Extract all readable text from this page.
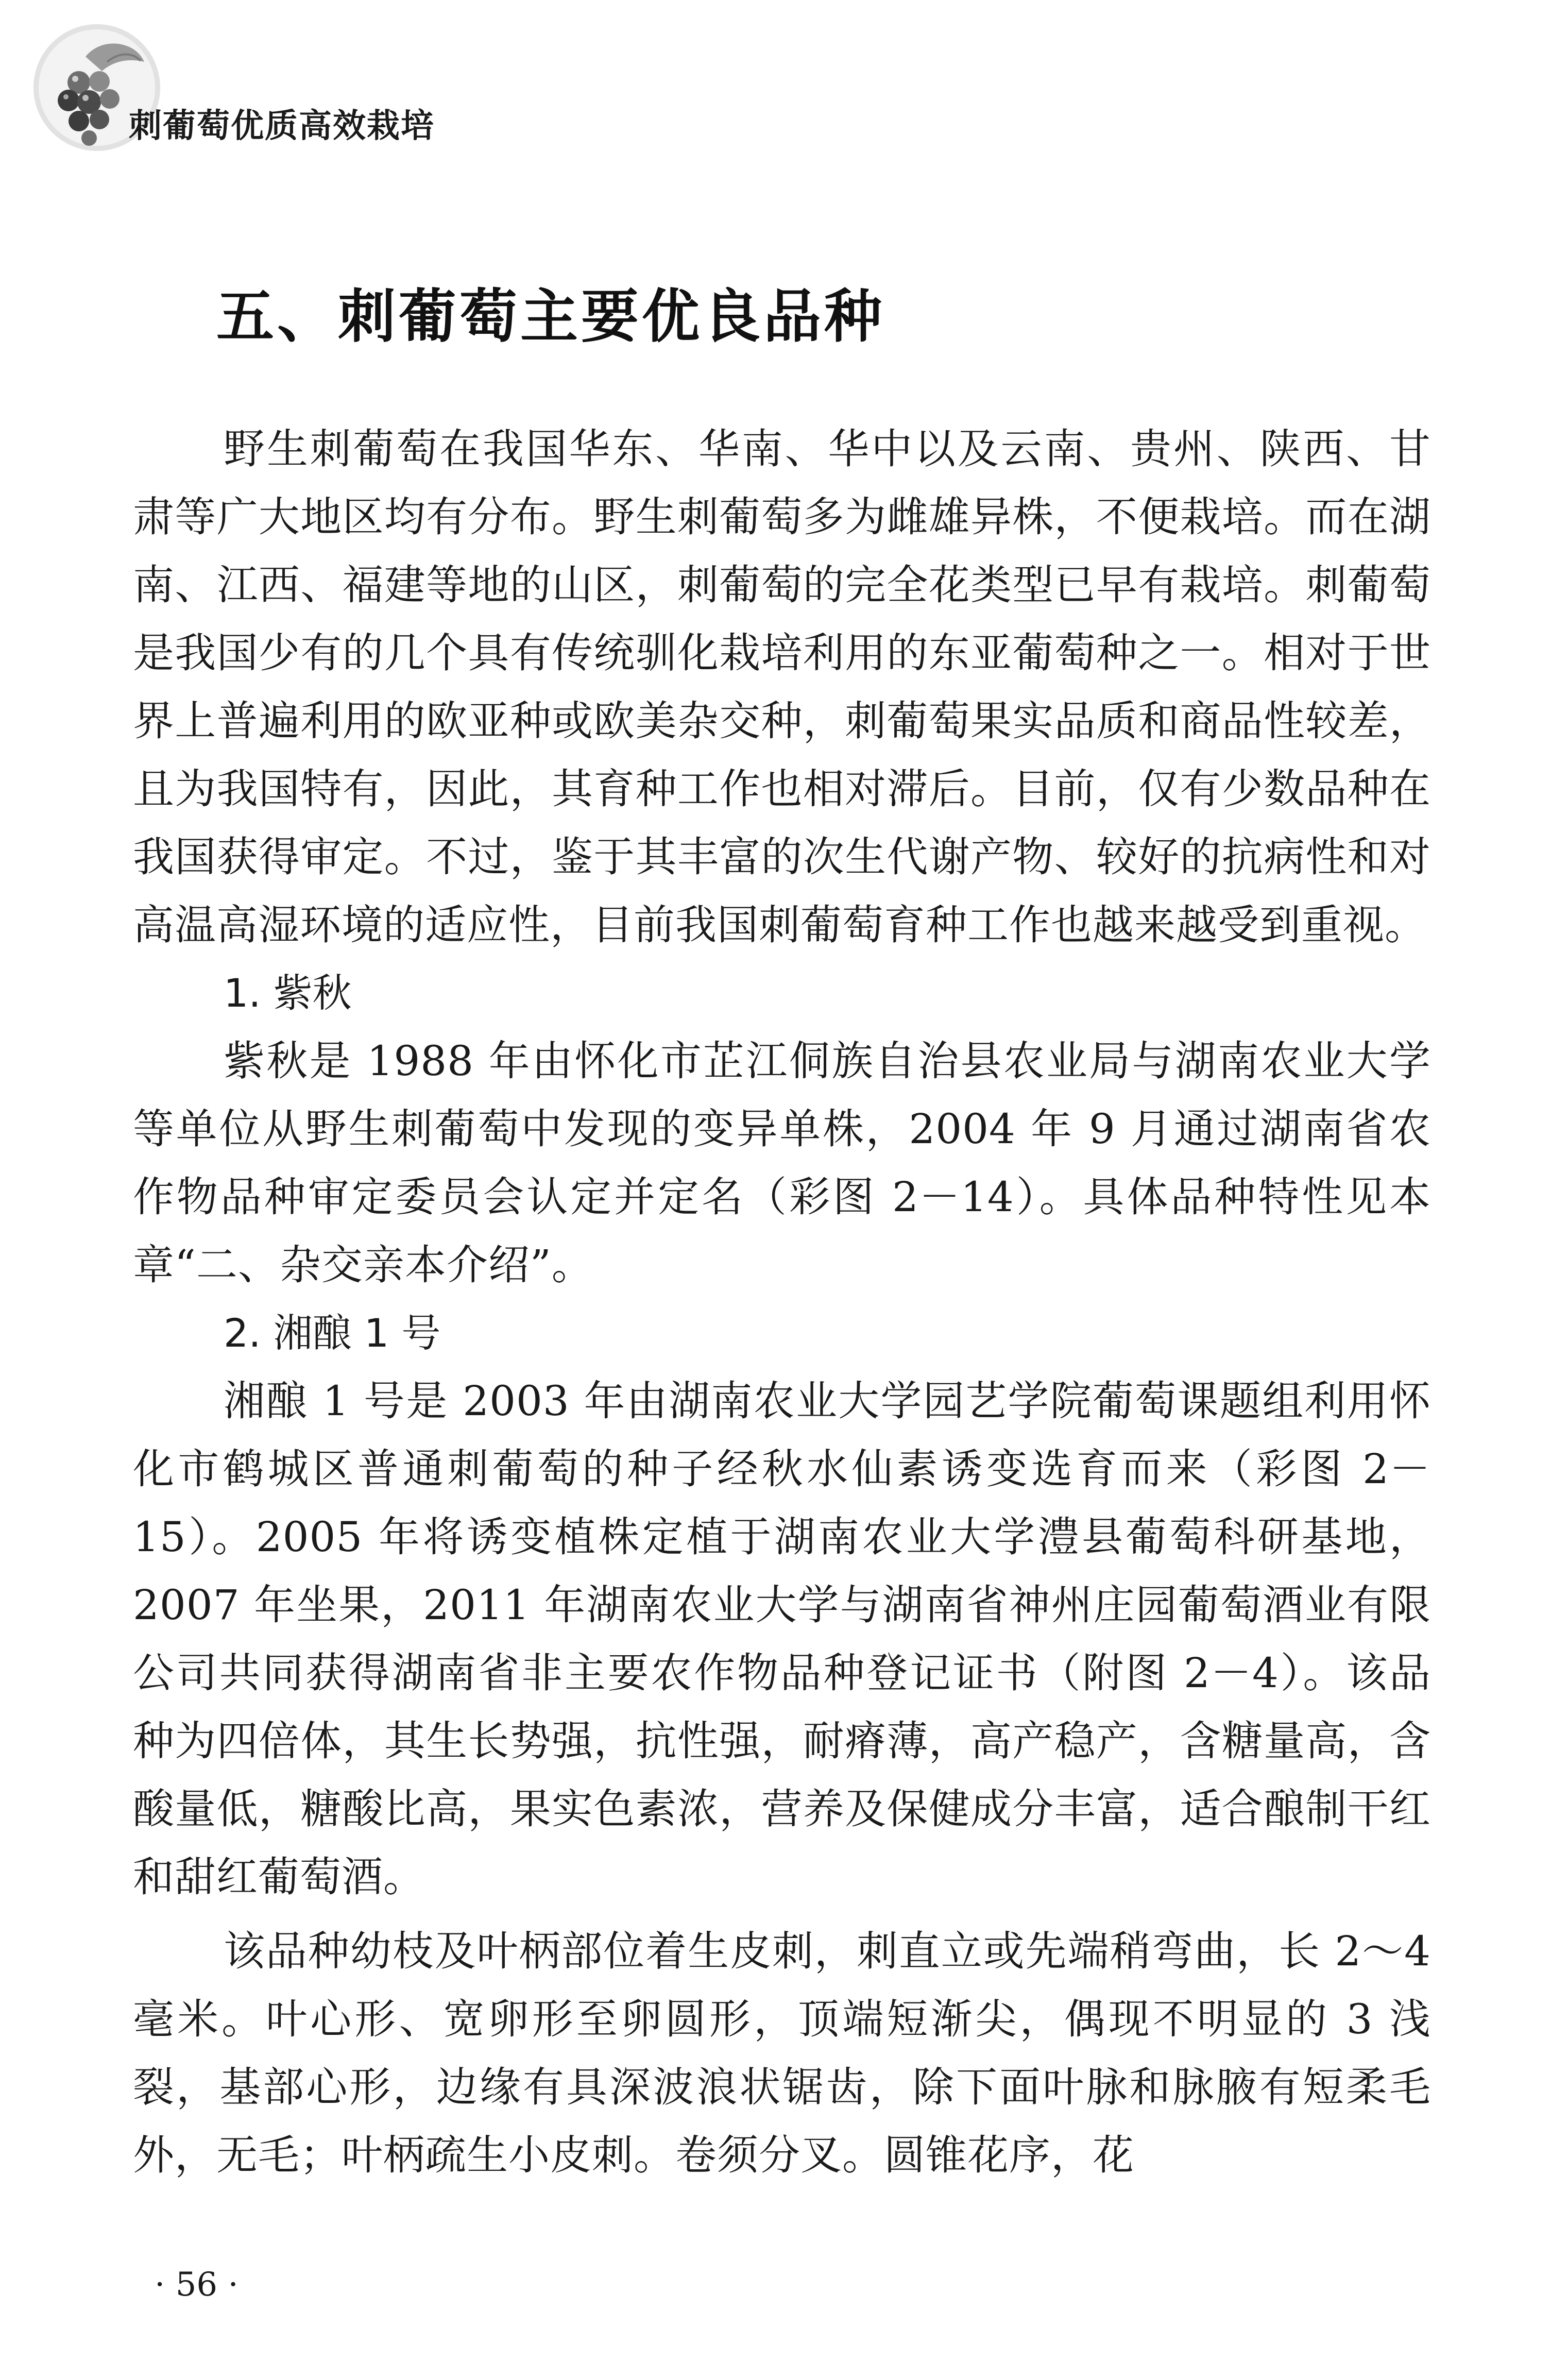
刺葡萄优质高效栽培
五、刺葡萄主要优良品种

野生刺葡萄在我国华东、华南、华中以及云南、贵州、陕西、甘肃等广大地区均有分布。野生刺葡萄多为雌雄异株，不便栽培。而在湖南、江西、福建等地的山区，刺葡萄的完全花类型已早有栽培。刺葡萄是我国少有的几个具有传统驯化栽培利用的东亚葡萄种之一。相对于世界上普遍利用的欧亚种或欧美杂交种，刺葡萄果实品质和商品性较差，且为我国特有，因此，其育种工作也相对滞后。目前，仅有少数品种在我国获得审定。不过，鉴于其丰富的次生代谢产物、较好的抗病性和对高温高湿环境的适应性，目前我国刺葡萄育种工作也越来越受到重视。

1. 紫秋

紫秋是 1988 年由怀化市芷江侗族自治县农业局与湖南农业大学等单位从野生刺葡萄中发现的变异单株，2004 年 9 月通过湖南省农作物品种审定委员会认定并定名（彩图 2－14）。具体品种特性见本章“二、杂交亲本介绍”。

2. 湘酿 1 号

湘酿 1 号是 2003 年由湖南农业大学园艺学院葡萄课题组利用怀化市鹤城区普通刺葡萄的种子经秋水仙素诱变选育而来（彩图 2－15）。2005 年将诱变植株定植于湖南农业大学澧县葡萄科研基地，2007 年坐果，2011 年湖南农业大学与湖南省神州庄园葡萄酒业有限公司共同获得湖南省非主要农作物品种登记证书（附图 2－4）。该品种为四倍体，其生长势强，抗性强，耐瘠薄，高产稳产，含糖量高，含酸量低，糖酸比高，果实色素浓，营养及保健成分丰富，适合酿制干红和甜红葡萄酒。

该品种幼枝及叶柄部位着生皮刺，刺直立或先端稍弯曲，长 2～4 毫米。叶心形、宽卵形至卵圆形，顶端短渐尖，偶现不明显的 3 浅裂，基部心形，边缘有具深波浪状锯齿，除下面叶脉和脉腋有短柔毛外，无毛；叶柄疏生小皮刺。卷须分叉。圆锥花序，花

· 56 ·
